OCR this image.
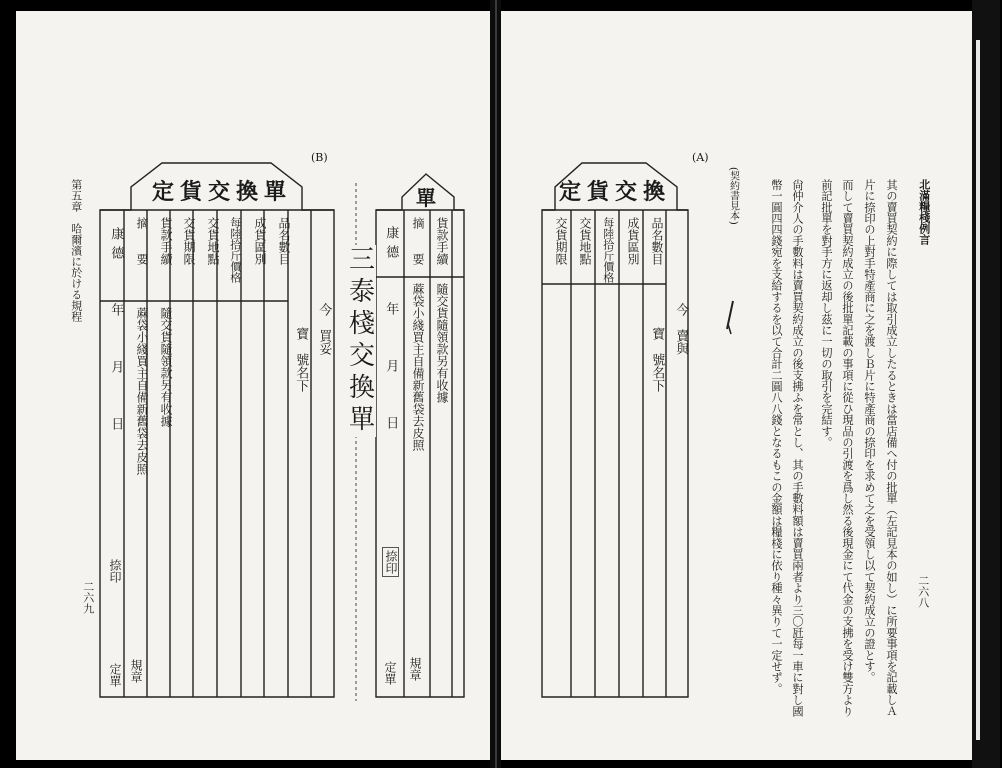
第五章　哈爾濱に於ける規程
二六九
(B)
定貨交換單
品名數目
成貨區別
每陸拾斤價格
交貨地點
交貨期限
貨款手續
摘　　要
隨交貨隨領款另有收據
蔴袋小綫買主自備新舊袋去皮照	今　買妥
寶　號名下
康德　　年　　月　　日
捺印
規章
定單
單
三泰棧交換單
貨款手續
摘　　要
隨交貨隨領款另有收據
蔴袋小綫買主自備新舊袋去皮照
康德　　年　　月　　日
捺印
規章
定單
北滿糧棧例言
二六八
(A)
(契約書見本)	其の賣買契約に際しては取引成立したるときは當店備へ付の批單（左記見本の如し）に所要事項を記載しＡ
片に捺印の上對手特產商に之を渡しＢ片に特產商の捺印を求めて之を受領し以て契約成立の證とす。
而して賣買契約成立の後批單記載の事項に從ひ現品の引渡を爲し然る後現金にて代金の支拂を受け雙方より
前記批單を對手方に返却し茲に一切の取引を完結す。
尙仲介人の手數料は賣買契約成立の後支拂ふを常とし、其の手數料額は賣買兩者より三〇瓩每一車に對し國
幣一圓四四錢宛を支給するを以て合計二圓八八錢となるもこの金額は糧棧に依り種々異りて一定せず。
定貨交換
品名數目
成貨區別
每陸拾斤價格
交貨地點
交貨期限
今　賣與
寶　號名下
